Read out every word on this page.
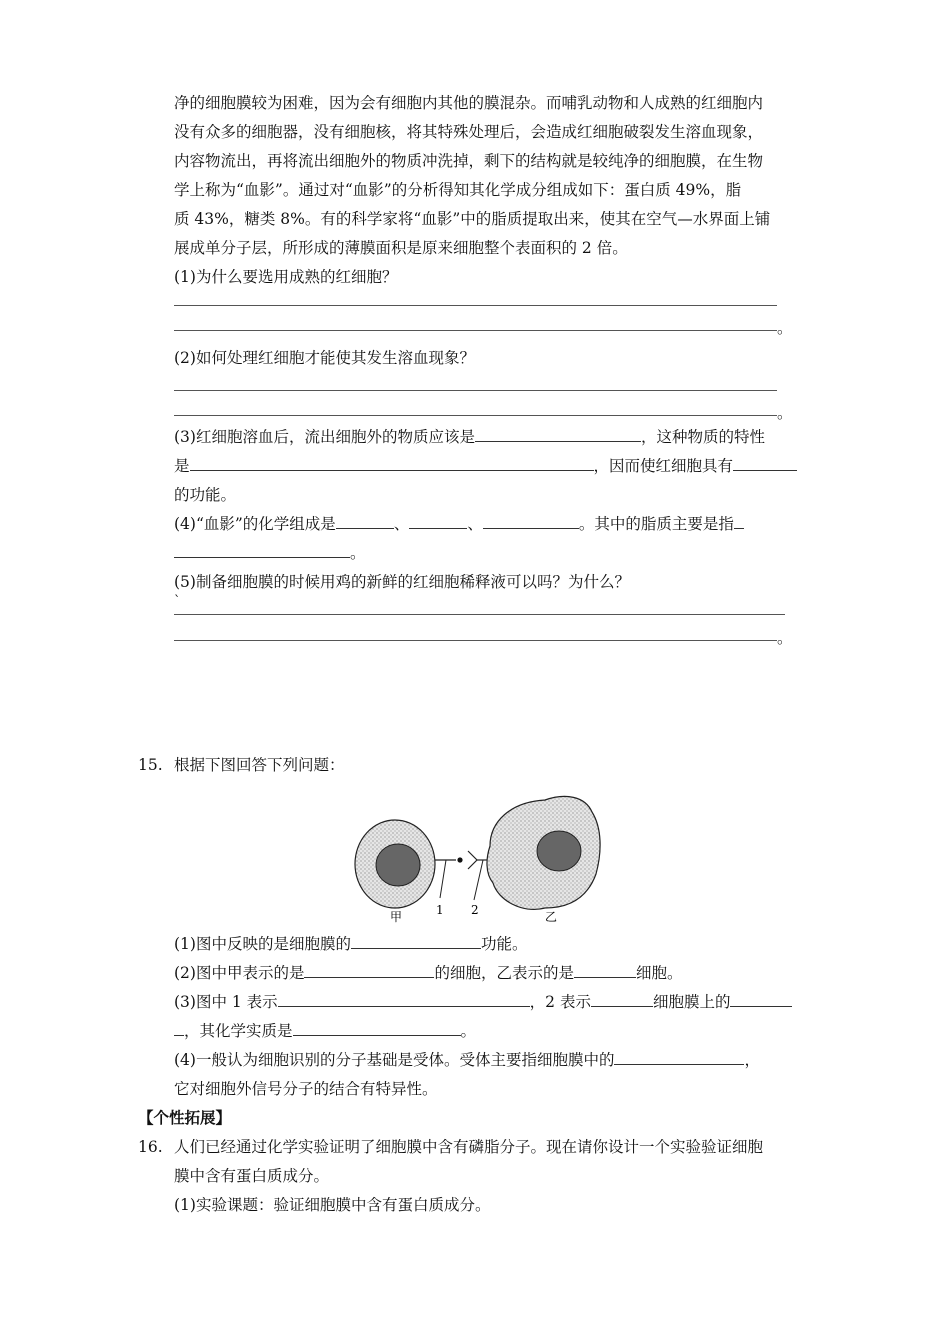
净的细胞膜较为困难，因为会有细胞内其他的膜混杂。而哺乳动物和人成熟的红细胞内
没有众多的细胞器，没有细胞核，将其特殊处理后，会造成红细胞破裂发生溶血现象，
内容物流出，再将流出细胞外的物质冲洗掉，剩下的结构就是较纯净的细胞膜，在生物
学上称为“血影”。通过对“血影”的分析得知其化学成分组成如下：蛋白质 49%，脂
质 43%，糖类 8%。有的科学家将“血影”中的脂质提取出来，使其在空气—水界面上铺
展成单分子层，所形成的薄膜面积是原来细胞整个表面积的 2 倍。
(1)为什么要选用成熟的红细胞？
。
(2)如何处理红细胞才能使其发生溶血现象？
。
(3)红细胞溶血后，流出细胞外的物质应该是	，这种物质的特性
是	，因而使红细胞具有
的功能。
(4)“血影”的化学组成是	、	、	。其中的脂质主要是指
。
(5)制备细胞膜的时候用鸡的新鲜的红细胞稀释液可以吗？为什么？
`
。
15. 根据下图回答下列问题：
甲	1 2	乙
(1)图中反映的是细胞膜的	功能。
(2)图中甲表示的是	的细胞，乙表示的是	细胞。
(3)图中 1 表示	，2 表示	细胞膜上的
，其化学实质是	。
(4)一般认为细胞识别的分子基础是受体。受体主要指细胞膜中的	，
它对细胞外信号分子的结合有特异性。
【个性拓展】
16. 人们已经通过化学实验证明了细胞膜中含有磷脂分子。现在请你设计一个实验验证细胞
膜中含有蛋白质成分。
(1)实验课题：验证细胞膜中含有蛋白质成分。
